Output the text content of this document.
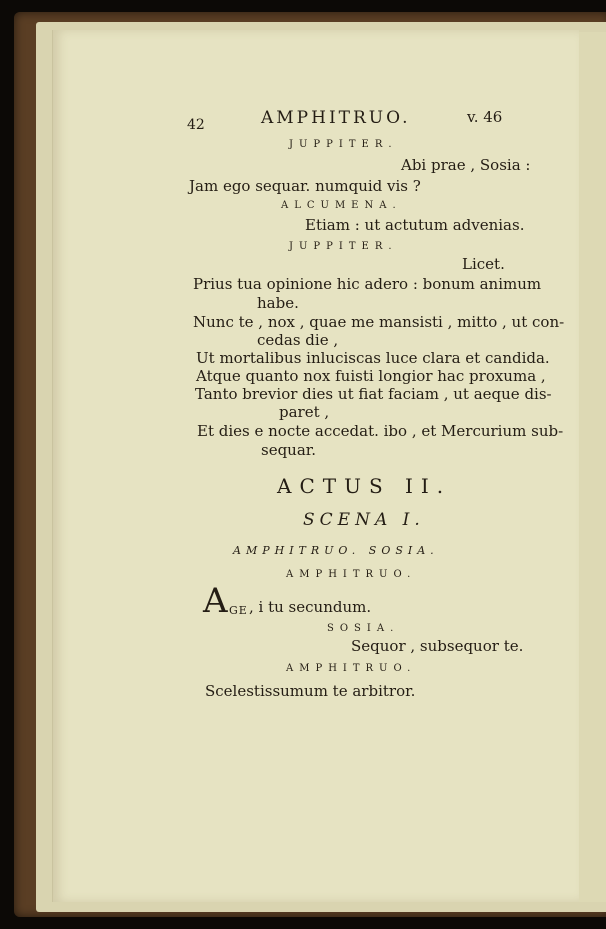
42	AMPHITRUO.	v. 46
JUPPITER.
Abi prae , Sosia :
Jam ego sequar. numquid vis ?
ALCUMENA.
Etiam : ut actutum advenias.
JUPPITER.
Licet.
Prius tua opinione hic adero : bonum animum
habe.
Nunc te , nox , quae me mansisti , mitto , ut con-
cedas die ,
Ut mortalibus inluciscas luce clara et candida.
Atque quanto nox fuisti longior hac proxuma ,
Tanto brevior dies ut fiat faciam , ut aeque dis-
paret ,
Et dies e nocte accedat. ibo , et Mercurium sub-
sequar.
ACTUS II.
SCENA I.
AMPHITRUO. SOSIA.
AMPHITRUO.
A GE , i tu secundum.
SOSIA.
Sequor , subsequor te.
AMPHITRUO.
Scelestissumum te arbitror.
